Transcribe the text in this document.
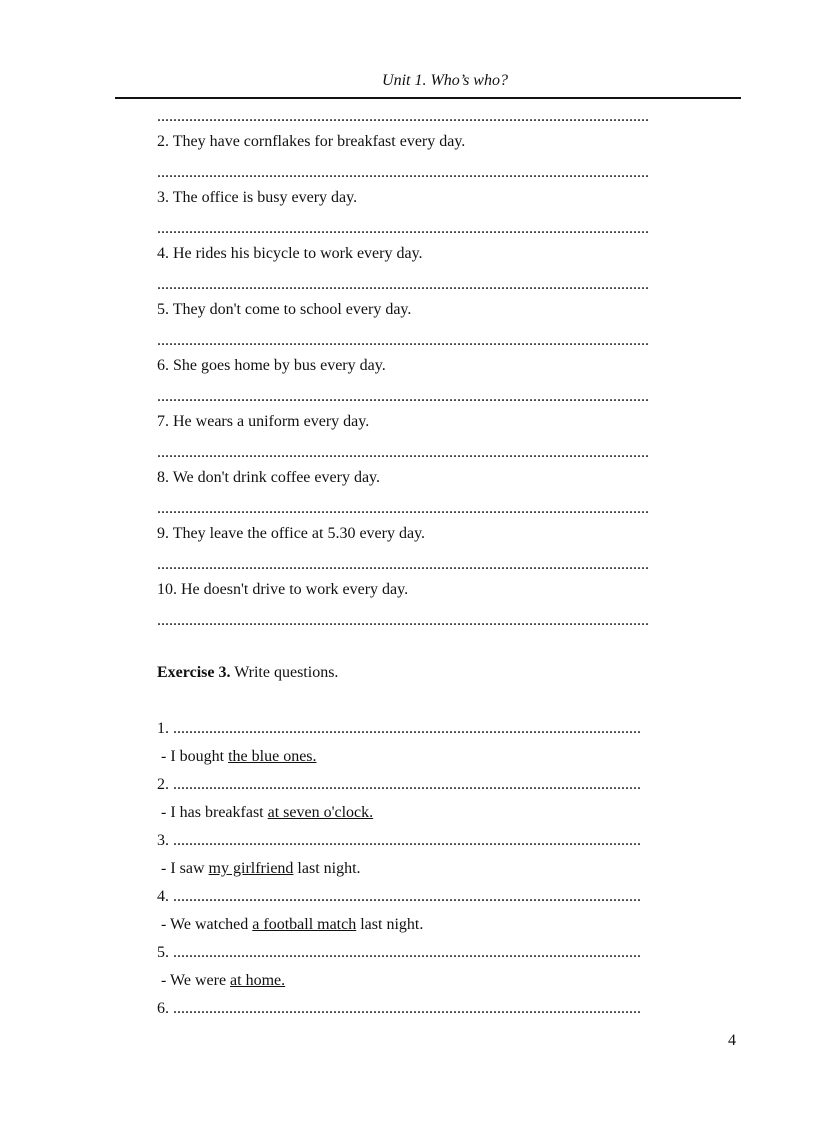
Unit 1. Who’s who?
...........................................................................................................................
2. They have cornflakes for breakfast every day.
...........................................................................................................................
3. The office is busy every day.
...........................................................................................................................
4. He rides his bicycle to work every day.
...........................................................................................................................
5. They don't come to school every day.
...........................................................................................................................
6. She goes home by bus every day.
...........................................................................................................................
7. He wears a uniform every day.
...........................................................................................................................
8. We don't drink coffee every day.
...........................................................................................................................
9. They leave the office at 5.30 every day.
...........................................................................................................................
10. He doesn't drive to work every day.
...........................................................................................................................
Exercise 3. Write questions.
1. .....................................................................................................................
- I bought the blue ones.
2. .....................................................................................................................
- I has breakfast at seven o'clock.
3. .....................................................................................................................
- I saw my girlfriend last night.
4. .....................................................................................................................
- We watched a football match last night.
5. .....................................................................................................................
- We were at home.
6. .....................................................................................................................
4
